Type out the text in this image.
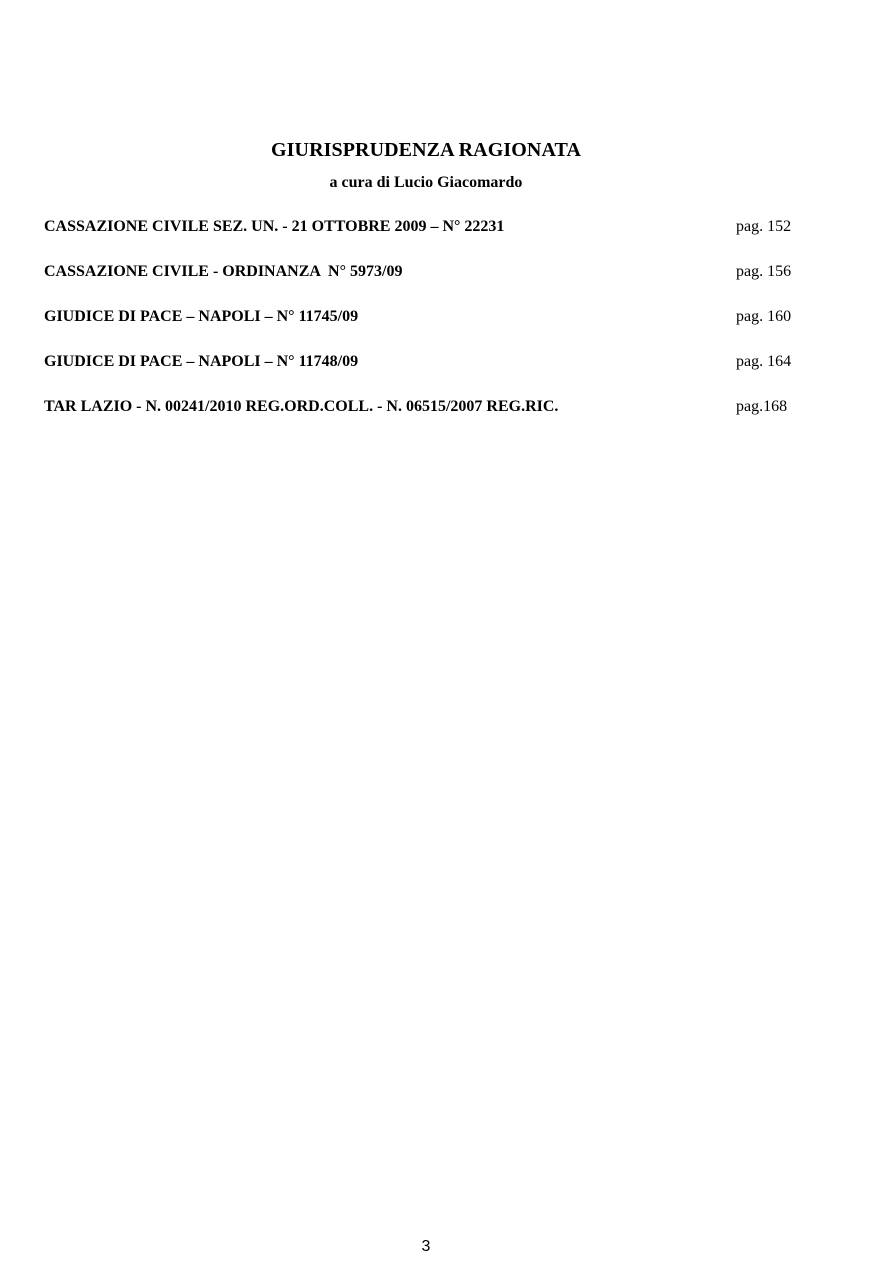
GIURISPRUDENZA RAGIONATA
a cura di Lucio Giacomardo
CASSAZIONE CIVILE SEZ. UN. - 21 OTTOBRE 2009 – N° 22231	pag. 152
CASSAZIONE CIVILE - ORDINANZA  N° 5973/09	pag. 156
GIUDICE DI PACE – NAPOLI – N° 11745/09	pag. 160
GIUDICE DI PACE – NAPOLI – N° 11748/09	pag. 164
TAR LAZIO - N. 00241/2010 REG.ORD.COLL. - N. 06515/2007 REG.RIC.	pag.168
3
